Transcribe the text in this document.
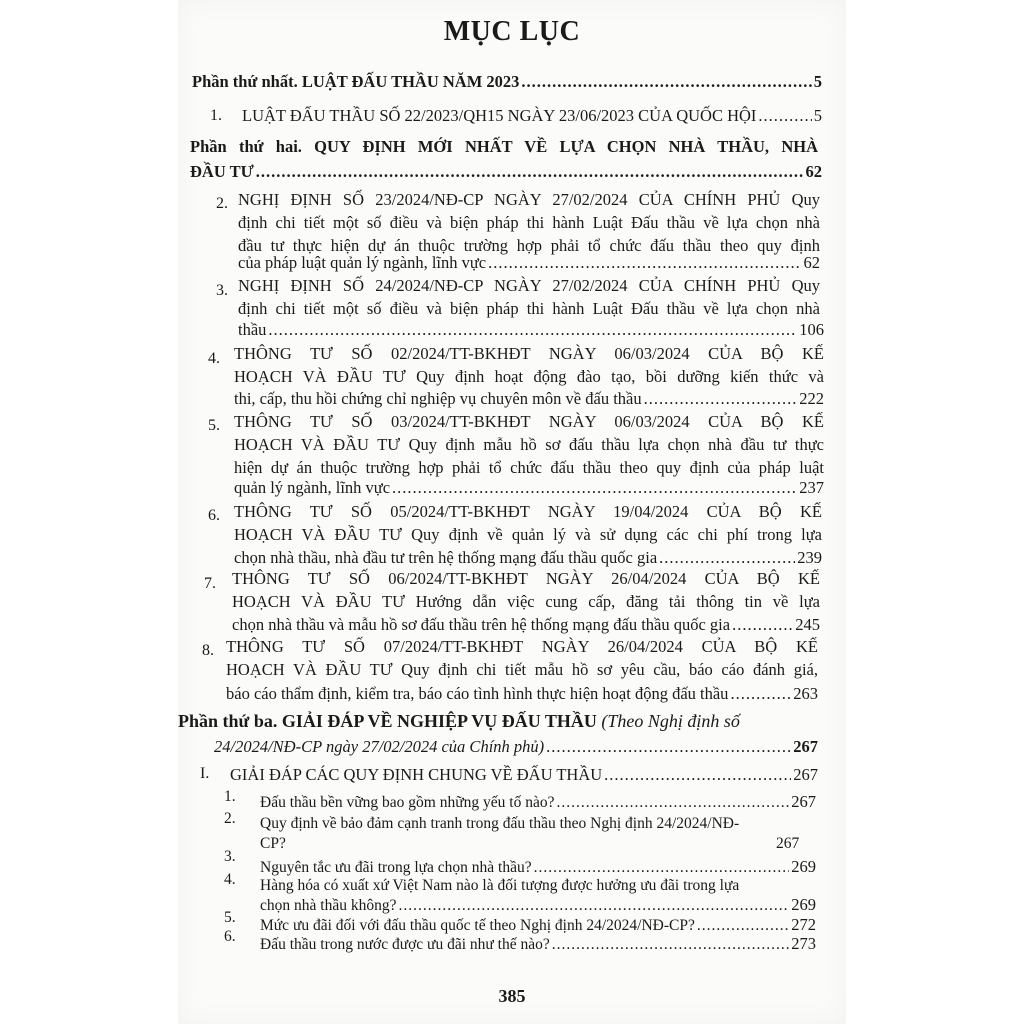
MỤC LỤC
Phần thứ nhất. LUẬT ĐẤU THẦU NĂM 2023 .....	5
1. LUẬT ĐẤU THẦU SỐ 22/2023/QH15 NGÀY 23/06/2023 CỦA QUỐC HỘI .....	5
Phần thứ hai. QUY ĐỊNH MỚI NHẤT VỀ LỰA CHỌN NHÀ THẦU, NHÀ
ĐẦU TƯ .....	62
2. NGHỊ ĐỊNH SỐ 23/2024/NĐ-CP NGÀY 27/02/2024 CỦA CHÍNH PHỦ Quy
định chi tiết một số điều và biện pháp thi hành Luật Đấu thầu về lựa chọn nhà
đầu tư thực hiện dự án thuộc trường hợp phải tổ chức đấu thầu theo quy định
của pháp luật quản lý ngành, lĩnh vực .....	62
3. NGHỊ ĐỊNH SỐ 24/2024/NĐ-CP NGÀY 27/02/2024 CỦA CHÍNH PHỦ Quy
định chi tiết một số điều và biện pháp thi hành Luật Đấu thầu về lựa chọn nhà
thầu .....	106
4. THÔNG TƯ SỐ 02/2024/TT-BKHĐT NGÀY 06/03/2024 CỦA BỘ KẾ
HOẠCH VÀ ĐẦU TƯ Quy định hoạt động đào tạo, bồi dưỡng kiến thức và
thi, cấp, thu hồi chứng chỉ nghiệp vụ chuyên môn về đấu thầu .....	222
5. THÔNG TƯ SỐ 03/2024/TT-BKHĐT NGÀY 06/03/2024 CỦA BỘ KẾ
HOẠCH VÀ ĐẦU TƯ Quy định mẫu hồ sơ đấu thầu lựa chọn nhà đầu tư thực
hiện dự án thuộc trường hợp phải tổ chức đấu thầu theo quy định của pháp luật
quản lý ngành, lĩnh vực .....	237
6. THÔNG TƯ SỐ 05/2024/TT-BKHĐT NGÀY 19/04/2024 CỦA BỘ KẾ
HOẠCH VÀ ĐẦU TƯ Quy định về quản lý và sử dụng các chi phí trong lựa
chọn nhà thầu, nhà đầu tư trên hệ thống mạng đấu thầu quốc gia .....	239
7. THÔNG TƯ SỐ 06/2024/TT-BKHĐT NGÀY 26/04/2024 CỦA BỘ KẾ
HOẠCH VÀ ĐẦU TƯ Hướng dẫn việc cung cấp, đăng tải thông tin về lựa
chọn nhà thầu và mẫu hồ sơ đấu thầu trên hệ thống mạng đấu thầu quốc gia .....	245
8. THÔNG TƯ SỐ 07/2024/TT-BKHĐT NGÀY 26/04/2024 CỦA BỘ KẾ
HOẠCH VÀ ĐẦU TƯ Quy định chi tiết mẫu hồ sơ yêu cầu, báo cáo đánh giá,
báo cáo thẩm định, kiểm tra, báo cáo tình hình thực hiện hoạt động đấu thầu .....	263
Phần thứ ba. GIẢI ĐÁP VỀ NGHIỆP VỤ ĐẤU THẦU (Theo Nghị định số
24/2024/NĐ-CP ngày 27/02/2024 của Chính phủ) .....	267
I. GIẢI ĐÁP CÁC QUY ĐỊNH CHUNG VỀ ĐẤU THẦU .....	267
1. Đấu thầu bền vững bao gồm những yếu tố nào? .....	267
2. Quy định về bảo đảm cạnh tranh trong đấu thầu theo Nghị định 24/2024/NĐ-
CP?	267
3.
Nguyên tắc ưu đãi trong lựa chọn nhà thầu? .....	269
4. Hàng hóa có xuất xứ Việt Nam nào là đối tượng được hưởng ưu đãi trong lựa
chọn nhà thầu không? .....	269
5. Mức ưu đãi đối với đấu thầu quốc tế theo Nghị định 24/2024/NĐ-CP? .....	272
6. Đấu thầu trong nước được ưu đãi như thế nào? .....	273
385
